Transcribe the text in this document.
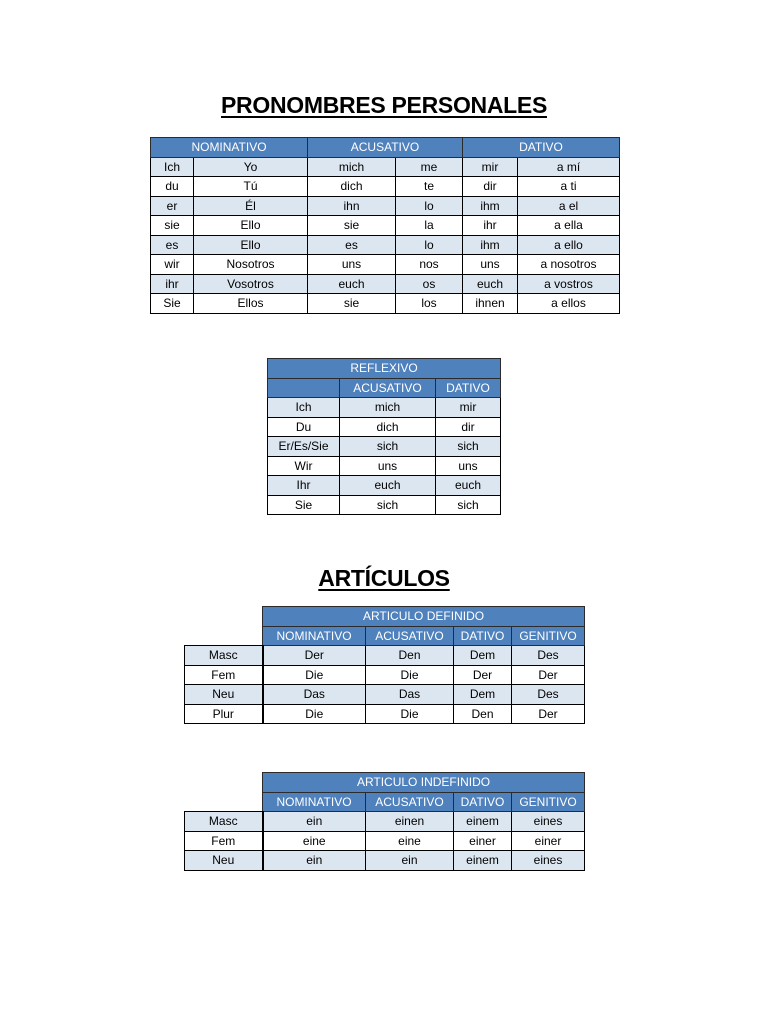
PRONOMBRES PERSONALES
NOMINATIVO		ACUSATIVO		DATIVO	
Ich	Yo	mich	me	mir	a mí
du	Tú	dich	te	dir	a ti
er	Él	ihn	lo	ihm	a el
sie	Ello	sie	la	ihr	a ella
es	Ello	es	lo	ihm	a ello
wir	Nosotros	uns	nos	uns	a nosotros
ihr	Vosotros	euch	os	euch	a vostros
Sie	Ellos	sie	los	ihnen	a ellos
REFLEXIVO		
	ACUSATIVO	DATIVO
Ich	mich	mir
Du	dich	dir
Er/Es/Sie	sich	sich
Wir	uns	uns
Ihr	euch	euch
Sie	sich	sich
ARTÍCULOS
	ARTICULO DEFINIDO			
	NOMINATIVO	ACUSATIVO	DATIVO	GENITIVO
Masc	Der	Den	Dem	Des
Fem	Die	Die	Der	Der
Neu	Das	Das	Dem	Des
Plur	Die	Die	Den	Der
	ARTICULO INDEFINIDO			
	NOMINATIVO	ACUSATIVO	DATIVO	GENITIVO
Masc	ein	einen	einem	eines
Fem	eine	eine	einer	einer
Neu	ein	ein	einem	eines
